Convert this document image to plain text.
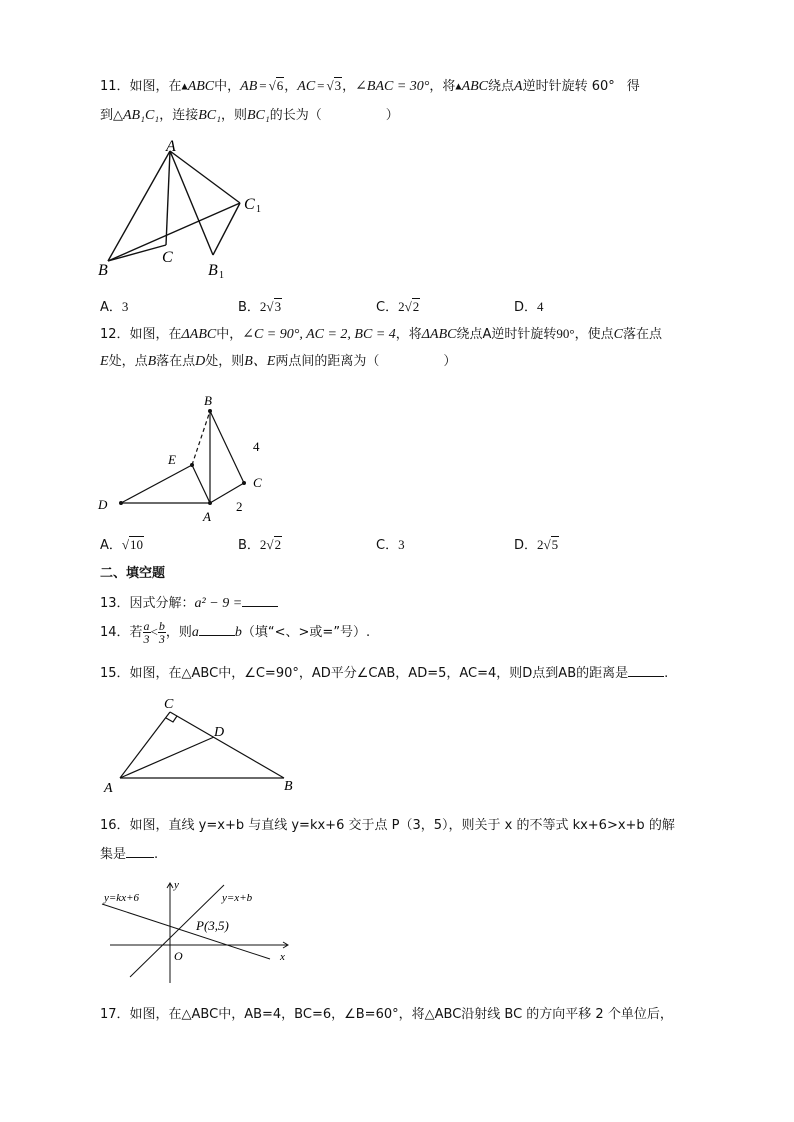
11．如图，在▲ABC中，AB = √6，AC = √3，∠BAC = 30°，将▲ABC绕点A逆时针旋转 60° 得
到△AB₁C₁，连接BC₁，则BC₁的长为（	）
A
B
C
C 1
B 1
A．3	B．2√3	C．2√2	D．4
12．如图，在ΔABC中，∠C = 90°, AC = 2, BC = 4，将ΔABC绕点A逆时针旋转90°，使点C落在点
E处，点B落在点D处，则B、E两点间的距离为（	）
B
E
C
D
A
4
2
A．√10	B．2√2	C．3	D．2√5
二、填空题
13．因式分解：a² − 9 =
14．若 $\frac{a}{3} < \frac{b}{3}$ ，则a	b（填“<、>或=”号）.
15．如图，在△ABC中，∠C=90°，AD平分∠CAB，AD=5，AC=4，则D点到AB的距离是	.
C
D
A	B
16．如图，直线 y=x+b 与直线 y=kx+6 交于点 P（3，5），则关于 x 的不等式 kx+6>x+b 的解
集是 .
y=kx+6	y=x+b
P(3,5)
y
x
O
17．如图，在△ABC中，AB=4，BC=6，∠B=60°，将△ABC沿射线 BC 的方向平移 2 个单位后，
